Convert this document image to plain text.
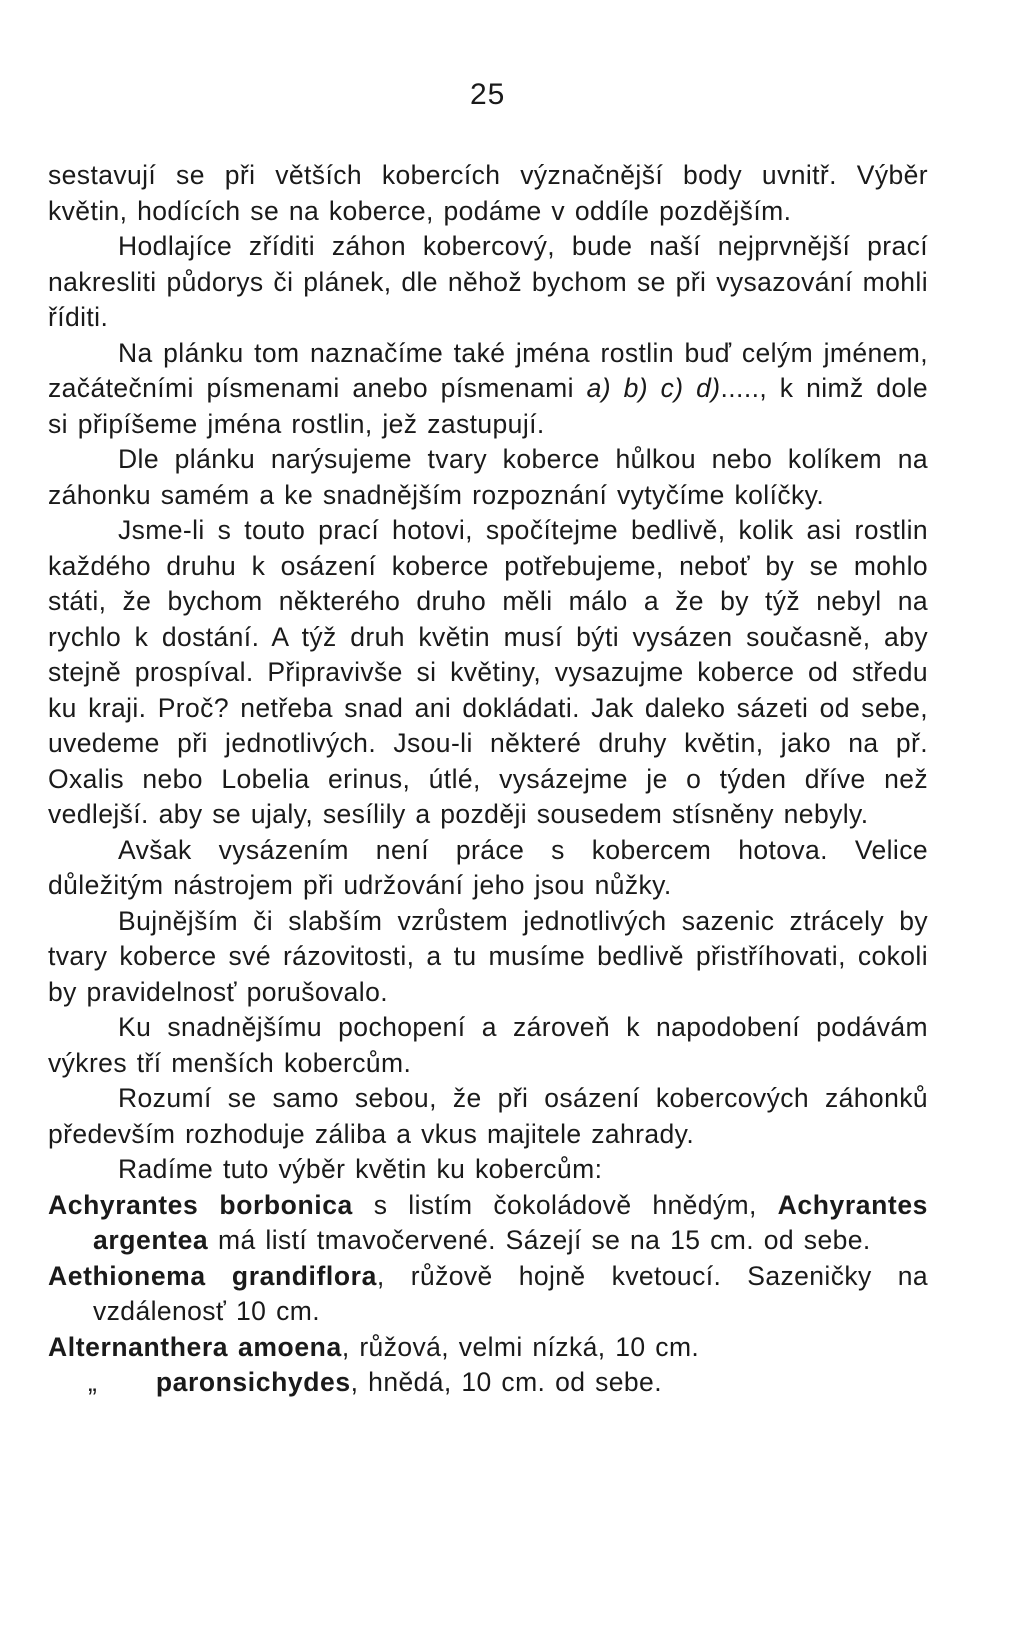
25

sestavují se při větších kobercích význačnější body uvnitř. Výběr květin, hodících se na koberce, podáme v oddíle pozdějším.

Hodlajíce zříditi záhon kobercový, bude naší nejprvnější prací nakresliti půdorys či plánek, dle něhož bychom se při vysazování mohli říditi.

Na plánku tom naznačíme také jména rostlin buď celým jménem, začátečními písmenami anebo písmenami a) b) c) d)....., k nimž dole si připíšeme jména rostlin, jež zastupují.

Dle plánku narýsujeme tvary koberce hůlkou nebo kolíkem na záhonku samém a ke snadnějším rozpoznání vytyčíme kolíčky.

Jsme-li s touto prací hotovi, spočítejme bedlivě, kolik asi rostlin každého druhu k osázení koberce potřebujeme, neboť by se mohlo státi, že bychom některého druho měli málo a že by týž nebyl na rychlo k dostání. A týž druh květin musí býti vysázen současně, aby stejně prospíval. Připravivše si květiny, vysazujme koberce od středu ku kraji. Proč? netřeba snad ani dokládati. Jak daleko sázeti od sebe, uvedeme při jednotlivých. Jsou-li některé druhy květin, jako na př. Oxalis nebo Lobelia erinus, útlé, vysázejme je o týden dříve než vedlejší. aby se ujaly, sesílily a později sousedem stísněny nebyly.

Avšak vysázením není práce s kobercem hotova. Velice důležitým nástrojem při udržování jeho jsou nůžky.

Bujnějším či slabším vzrůstem jednotlivých sazenic ztrácely by tvary koberce své rázovitosti, a tu musíme bedlivě přistříhovati, cokoli by pravidelnosť porušovalo.

Ku snadnějšímu pochopení a zároveň k napodobení podávám výkres tří menších kobercům.

Rozumí se samo sebou, že při osázení kobercových záhonků především rozhoduje záliba a vkus majitele zahrady.

Radíme tuto výběr květin ku kobercům:

Achyrantes borbonica s listím čokoládově hnědým, Achyrantes argentea má listí tmavočervené. Sázejí se na 15 cm. od sebe.

Aethionema grandiflora, růžově hojně kvetoucí. Sazeničky na vzdálenosť 10 cm.

Alternanthera amoena, růžová, velmi nízká, 10 cm.

„ paronsichydes, hnědá, 10 cm. od sebe.
